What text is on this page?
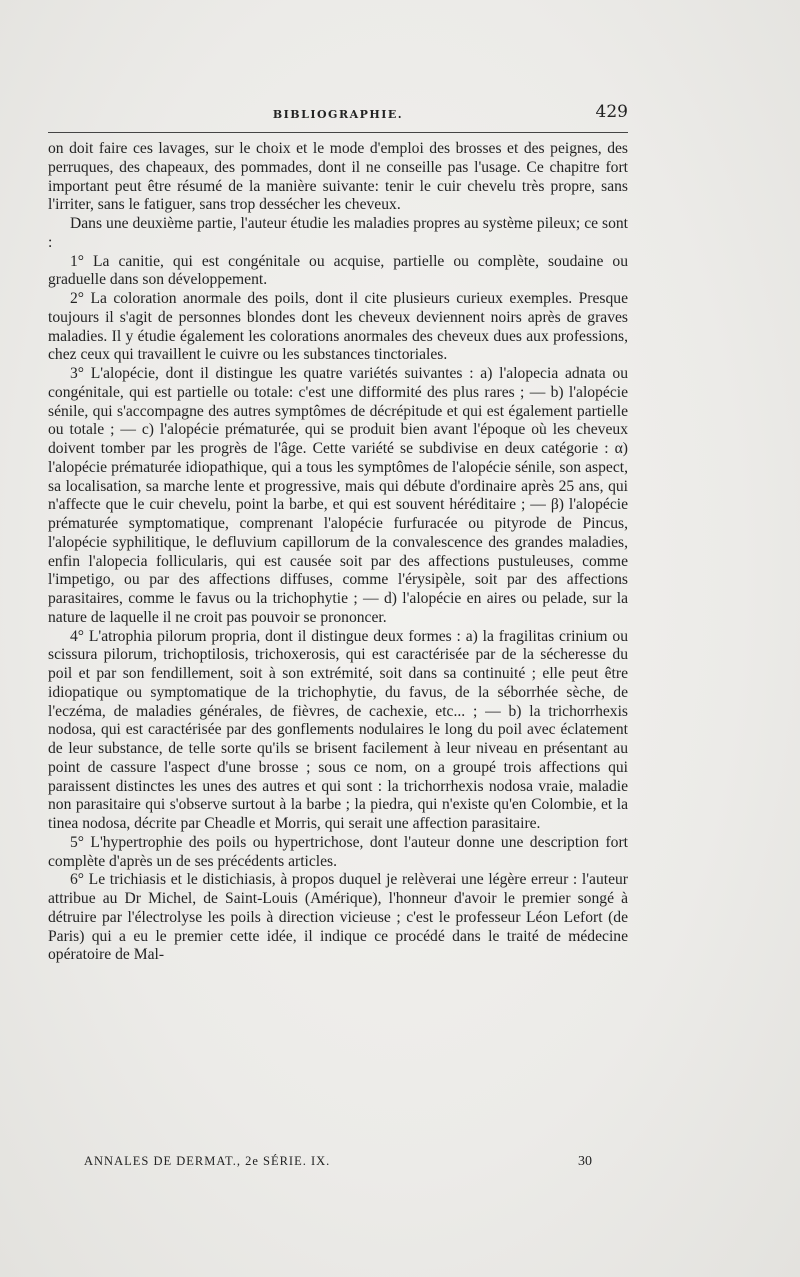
BIBLIOGRAPHIE.	429

on doit faire ces lavages, sur le choix et le mode d'emploi des brosses et des peignes, des perruques, des chapeaux, des pommades, dont il ne conseille pas l'usage. Ce chapitre fort important peut être résumé de la manière suivante: tenir le cuir chevelu très propre, sans l'irriter, sans le fatiguer, sans trop dessécher les cheveux.

Dans une deuxième partie, l'auteur étudie les maladies propres au système pileux; ce sont :

1° La canitie, qui est congénitale ou acquise, partielle ou complète, soudaine ou graduelle dans son développement.

2° La coloration anormale des poils, dont il cite plusieurs curieux exemples. Presque toujours il s'agit de personnes blondes dont les cheveux deviennent noirs après de graves maladies. Il y étudie également les colorations anormales des cheveux dues aux professions, chez ceux qui travaillent le cuivre ou les substances tinctoriales.

3° L'alopécie, dont il distingue les quatre variétés suivantes : a) l'alopecia adnata ou congénitale, qui est partielle ou totale: c'est une difformité des plus rares ; — b) l'alopécie sénile, qui s'accompagne des autres symptômes de décrépitude et qui est également partielle ou totale ; — c) l'alopécie prématurée, qui se produit bien avant l'époque où les cheveux doivent tomber par les progrès de l'âge. Cette variété se subdivise en deux catégorie : α) l'alopécie prématurée idiopathique, qui a tous les symptômes de l'alopécie sénile, son aspect, sa localisation, sa marche lente et progressive, mais qui débute d'ordinaire après 25 ans, qui n'affecte que le cuir chevelu, point la barbe, et qui est souvent héréditaire ; — β) l'alopécie prématurée symptomatique, comprenant l'alopécie furfuracée ou pityrode de Pincus, l'alopécie syphilitique, le defluvium capillorum de la convalescence des grandes maladies, enfin l'alopecia follicularis, qui est causée soit par des affections pustuleuses, comme l'impetigo, ou par des affections diffuses, comme l'érysipèle, soit par des affections parasitaires, comme le favus ou la trichophytie ; — d) l'alopécie en aires ou pelade, sur la nature de laquelle il ne croit pas pouvoir se prononcer.

4° L'atrophia pilorum propria, dont il distingue deux formes : a) la fragilitas crinium ou scissura pilorum, trichoptilosis, trichoxerosis, qui est caractérisée par de la sécheresse du poil et par son fendillement, soit à son extrémité, soit dans sa continuité ; elle peut être idiopatique ou symptomatique de la trichophytie, du favus, de la séborrhée sèche, de l'eczéma, de maladies générales, de fièvres, de cachexie, etc... ; — b) la trichorrhexis nodosa, qui est caractérisée par des gonflements nodulaires le long du poil avec éclatement de leur substance, de telle sorte qu'ils se brisent facilement à leur niveau en présentant au point de cassure l'aspect d'une brosse ; sous ce nom, on a groupé trois affections qui paraissent distinctes les unes des autres et qui sont : la trichorrhexis nodosa vraie, maladie non parasitaire qui s'observe surtout à la barbe ; la piedra, qui n'existe qu'en Colombie, et la tinea nodosa, décrite par Cheadle et Morris, qui serait une affection parasitaire.

5° L'hypertrophie des poils ou hypertrichose, dont l'auteur donne une description fort complète d'après un de ses précédents articles.

6° Le trichiasis et le distichiasis, à propos duquel je relèverai une légère erreur : l'auteur attribue au Dr Michel, de Saint-Louis (Amérique), l'honneur d'avoir le premier songé à détruire par l'électrolyse les poils à direction vicieuse ; c'est le professeur Léon Lefort (de Paris) qui a eu le premier cette idée, il indique ce procédé dans le traité de médecine opératoire de Mal-

ANNALES DE DERMAT., 2e SÉRIE. IX.	30
